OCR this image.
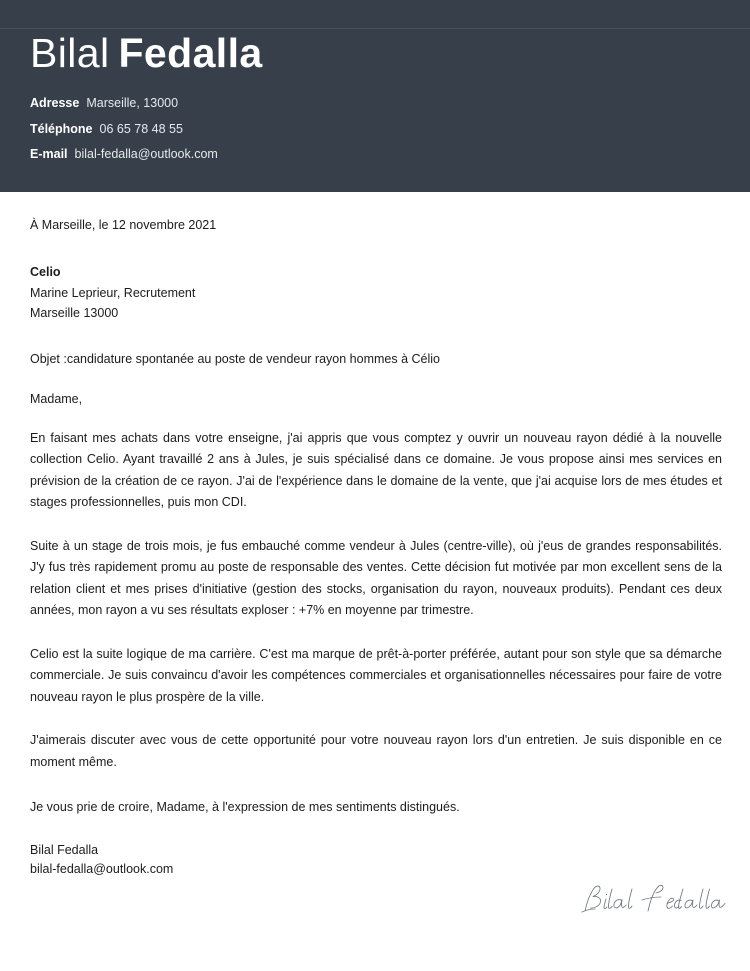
Bilal Fedalla
Adresse Marseille, 13000
Téléphone 06 65 78 48 55
E-mail bilal-fedalla@outlook.com
À Marseille, le 12 novembre 2021
Celio
Marine Leprieur, Recrutement
Marseille 13000
Objet :candidature spontanée au poste de vendeur rayon hommes à Célio
Madame,

En faisant mes achats dans votre enseigne, j'ai appris que vous comptez y ouvrir un nouveau rayon dédié à la nouvelle collection Celio. Ayant travaillé 2 ans à Jules, je suis spécialisé dans ce domaine. Je vous propose ainsi mes services en prévision de la création de ce rayon. J'ai de l'expérience dans le domaine de la vente, que j'ai acquise lors de mes études et stages professionnelles, puis mon CDI.

Suite à un stage de trois mois, je fus embauché comme vendeur à Jules (centre-ville), où j'eus de grandes responsabilités. J'y fus très rapidement promu au poste de responsable des ventes. Cette décision fut motivée par mon excellent sens de la relation client et mes prises d'initiative (gestion des stocks, organisation du rayon, nouveaux produits). Pendant ces deux années, mon rayon a vu ses résultats exploser : +7% en moyenne par trimestre.

Celio est la suite logique de ma carrière. C'est ma marque de prêt-à-porter préférée, autant pour son style que sa démarche commerciale. Je suis convaincu d'avoir les compétences commerciales et organisationnelles nécessaires pour faire de votre nouveau rayon le plus prospère de la ville.

J'aimerais discuter avec vous de cette opportunité pour votre nouveau rayon lors d'un entretien. Je suis disponible en ce moment même.

Je vous prie de croire, Madame, à l'expression de mes sentiments distingués.
Bilal Fedalla
bilal-fedalla@outlook.com
